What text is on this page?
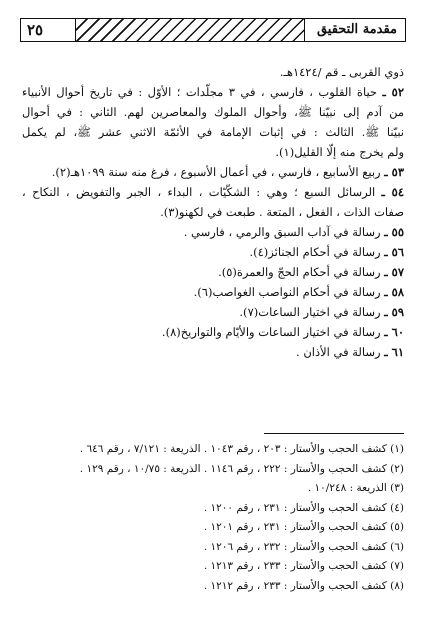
٢٥	مقدمة التحقيق
ذوي القربى ـ قم /١٤٢٤هـ.
٥٢ ـ حياة القلوب ، فارسي ، في ٣ مجلّدات ؛ الأوّل : في تاريخ أحوال الأنبياء
من آدم إلى نبيّنا ﷺ، وأحوال الملوك والمعاصرين لهم. الثاني : في أحوال
نبيّنا ﷺ. الثالث : في إثبات الإمامة في الأئمّة الاثني عشر ﷺ، لم يكمل
ولم يخرج منه إلّا القليل(١).
٥٣ ـ ربيع الأسابيع ، فارسي ، في أعمال الأسبوع ، فرغ منه سنة ١٠٩٩هـ(٢).
٥٤ ـ الرسائل السبع ؛ وهي : الشكّيّات ، البداء ، الجبر والتفويض ، النكاح ،
صفات الذات ، الفعل ، المتعة . طبعت في لكهنو(٣).
٥٥ ـ رسالة في آداب السبق والرمي ، فارسي .
٥٦ ـ رسالة في أحكام الجنائز(٤).
٥٧ ـ رسالة في أحكام الحجّ والعمرة(٥).
٥٨ ـ رسالة في أحكام النواصب الغواصب(٦).
٥٩ ـ رسالة في اختيار الساعات(٧).
٦٠ ـ رسالة في اختيار الساعات والأيّام والتواريخ(٨).
٦١ ـ رسالة في الأذان .
(١) كشف الحجب والأستار : ٢٠٣ ، رقم ١٠٤٣ . الذريعة : ٧/١٢١ ، رقم ٦٤٦ .
(٢) كشف الحجب والأستار : ٢٢٢ ، رقم ١١٤٦ . الذريعة : ١٠/٧٥ ، رقم ١٢٩ .
(٣) الذريعة : ١٠/٢٤٨ .
(٤) كشف الحجب والأستار : ٢٣١ ، رقم ١٢٠٠ .
(٥) كشف الحجب والأستار : ٢٣١ ، رقم ١٢٠١ .
(٦) كشف الحجب والأستار : ٢٣٢ ، رقم ١٢٠٦ .
(٧) كشف الحجب والأستار : ٢٣٣ ، رقم ١٢١٣ .
(٨) كشف الحجب والأستار : ٢٣٣ ، رقم ١٢١٢ .
